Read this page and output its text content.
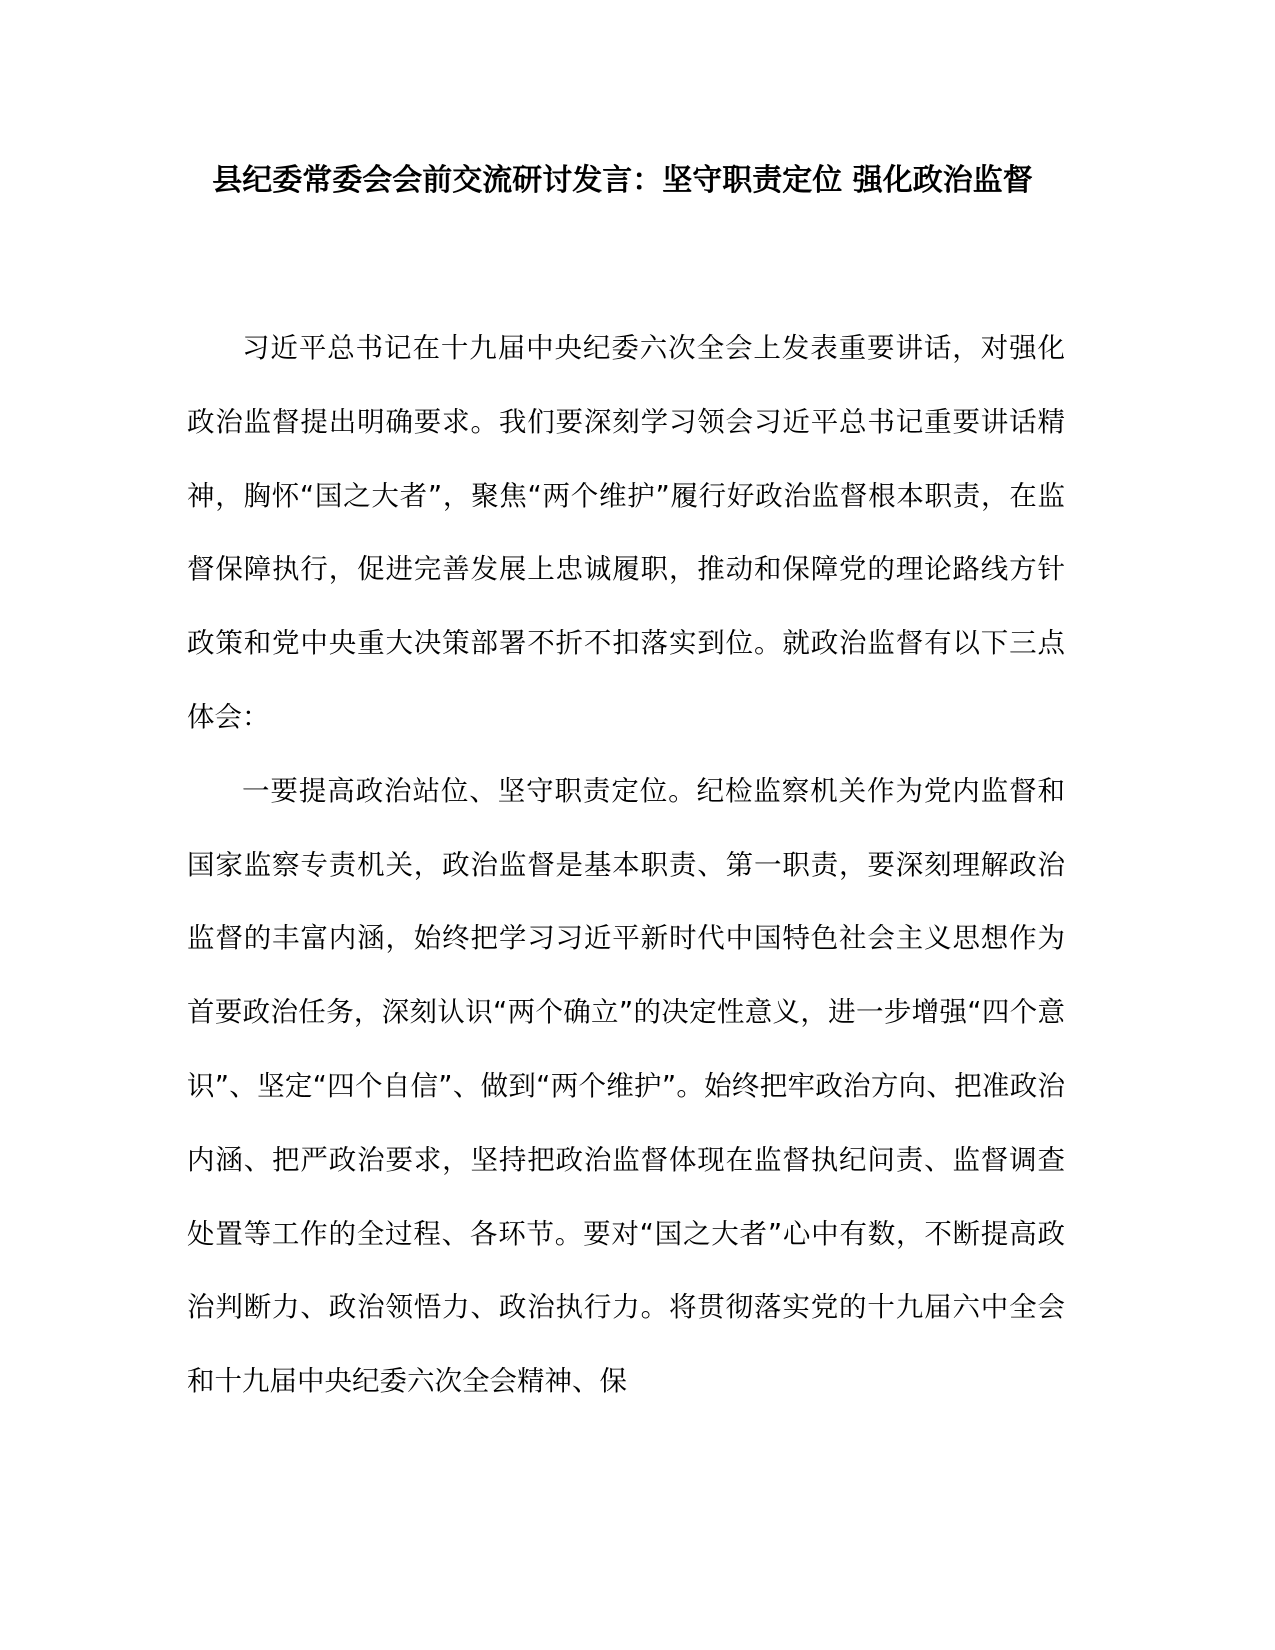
县纪委常委会会前交流研讨发言：坚守职责定位 强化政治监督

习近平总书记在十九届中央纪委六次全会上发表重要讲话，对强化政治监督提出明确要求。我们要深刻学习领会习近平总书记重要讲话精神，胸怀“国之大者”，聚焦“两个维护”履行好政治监督根本职责，在监督保障执行，促进完善发展上忠诚履职，推动和保障党的理论路线方针政策和党中央重大决策部署不折不扣落实到位。就政治监督有以下三点体会：

一要提高政治站位、坚守职责定位。纪检监察机关作为党内监督和国家监察专责机关，政治监督是基本职责、第一职责，要深刻理解政治监督的丰富内涵，始终把学习习近平新时代中国特色社会主义思想作为首要政治任务，深刻认识“两个确立”的决定性意义，进一步增强“四个意识”、坚定“四个自信”、做到“两个维护”。始终把牢政治方向、把准政治内涵、把严政治要求，坚持把政治监督体现在监督执纪问责、监督调查处置等工作的全过程、各环节。要对“国之大者”心中有数，不断提高政治判断力、政治领悟力、政治执行力。将贯彻落实党的十九届六中全会和十九届中央纪委六次全会精神、保
